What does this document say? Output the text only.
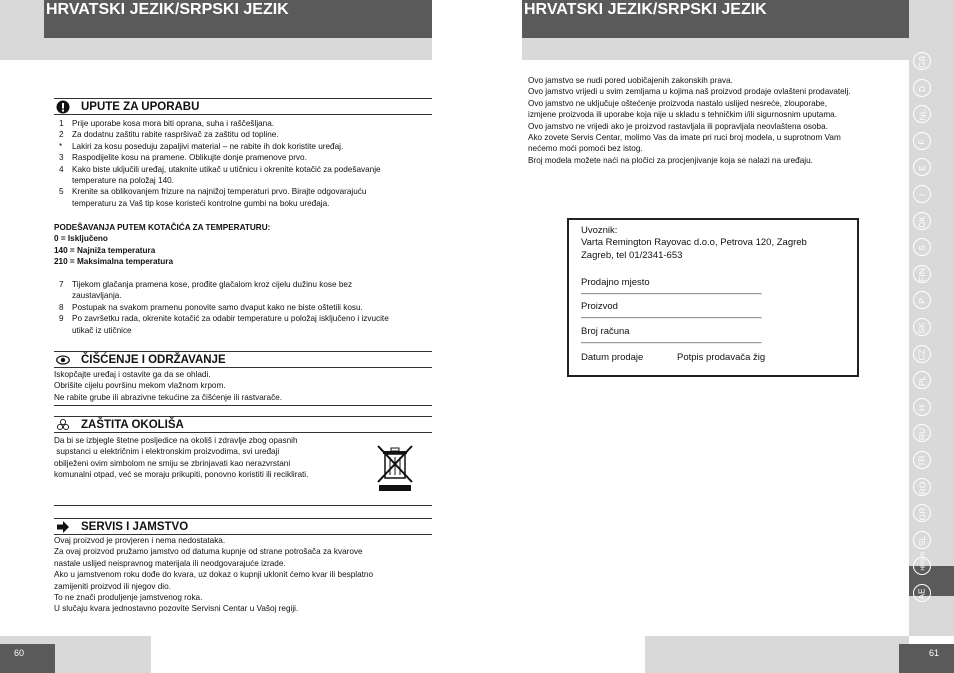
HRVATSKI JEZIK/SRPSKI JEZIK
UPUTE ZA UPORABU
1 Prije uporabe kosa mora biti oprana, suha i raščešljana.
2 Za dodatnu zaštitu rabite raspršivač za zaštitu od topline.
* Lakiri za kosu poseduju zapaljivi material – ne rabite ih dok koristite uređaj.
3 Raspodijelite kosu na pramene. Oblikujte donje pramenove prvo.
4 Kako biste uključili uređaj, utaknite utikač u utičnicu i okrenite kotačić za podešavanje
temperature na položaj 140.
5 Krenite sa oblikovanjem frizure na najnižoj temperaturi prvo. Birajte odgovarajuću
temperaturu za Vaš tip kose koristeći kontrolne gumbi na boku uređaja.
PODEŠAVANJA PUTEM KOTAČIĆA ZA TEMPERATURU:
0 = Isključeno
140 = Najniža temperatura
210 = Maksimalna temperatura
7 Tijekom glačanja pramena kose, prođite glačalom kroz cijelu dužinu kose bez
zaustavljanja.
8 Postupak na svakom pramenu ponovite samo dvaput kako ne biste oštetili kosu.
9 Po završetku rada, okrenite kotačić za odabir temperature u položaj isključeno i izvucite
utikač iz utičnice
ČIŠĆENJE I ODRŽAVANJE
Iskopčajte uređaj i ostavite ga da se ohladi.
Obrišite cijelu površinu mekom vlažnom krpom.
Ne rabite grube ili abrazivne tekućine za čišćenje ili rastvarače.
ZAŠTITA OKOLIŠA
Da bi se izbjegle štetne posljedice na okoliš i zdravlje zbog opasnih
supstanci u električnim i elektronskim proizvodima, svi uređaji
obilježeni ovim simbolom ne smiju se zbrinjavati kao nerazvrstani
komunalni otpad, već se moraju prikupiti, ponovno koristiti ili reciklirati.
SERVIS I JAMSTVO
Ovaj proizvod je provjeren i nema nedostataka.
Za ovaj proizvod pružamo jamstvo od datuma kupnje od strane potrošača za kvarove
nastale uslijed neispravnog materijala ili neodgovarajuće izrade.
Ako u jamstvenom roku dođe do kvara, uz dokaz o kupnji uklonit ćemo kvar ili besplatno
zamijeniti proizvod ili njegov dio.
To ne znači produljenje jamstvenog roka.
U slučaju kvara jednostavno pozovite Servisni Centar u Vašoj regiji.
60
HRVATSKI JEZIK/SRPSKI JEZIK
Ovo jamstvo se nudi pored uobičajenih zakonskih prava.
Ovo jamstvo vrijedi u svim zemljama u kojima naš proizvod prodaje ovlašteni prodavatelj.
Ovo jamstvo ne uključuje oštećenje proizvoda nastalo uslijed nesreće, zlouporabe,
izmjene proizvoda ili uporabe koja nije u skladu s tehničkim i/ili sigurnosnim uputama.
Ovo jamstvo ne vrijedi ako je proizvod rastavljala ili popravljala neovlaštena osoba.
Ako zovete Servis Centar, molimo Vas da imate pri ruci broj modela, u suprotnom Vam
nećemo moći pomoći bez istog.
Broj modela možete naći na pločici za procjenjivanje koja se nalazi na uređaju.
Uvoznik:
Varta Remington Rayovac d.o.o, Petrova 120, Zagreb
Zagreb, tel 01/2341-653
Prodajno mjesto
———————————————————
Proizvod
———————————————————
Broj računa
———————————————————
Datum prodaje	Potpis prodavača žig
GB
D
NL
F
E
I
DK
S
FIN
P
SK
CZ
PL
H
RU
TR
RO
GR
SL
HR/SRB
AE
61
